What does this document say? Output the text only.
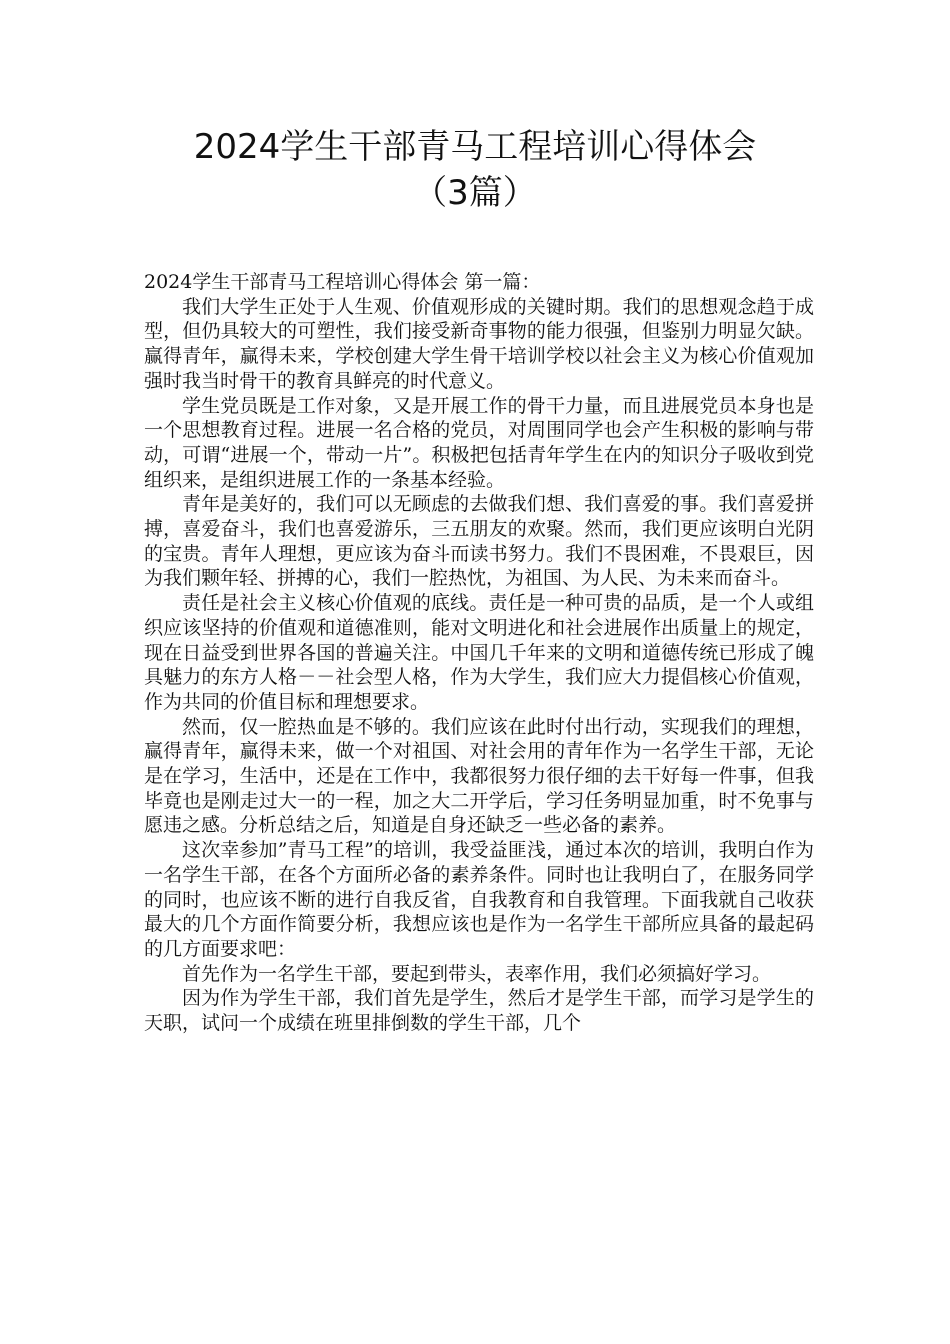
2024学生干部青马工程培训心得体会
（3篇）

2024学生干部青马工程培训心得体会 第一篇：

我们大学生正处于人生观、价值观形成的关键时期。我们的思想观念趋于成型，但仍具较大的可塑性，我们接受新奇事物的能力很强，但鉴别力明显欠缺。赢得青年，赢得未来，学校创建大学生骨干培训学校以社会主义为核心价值观加强时我当时骨干的教育具鲜亮的时代意义。

学生党员既是工作对象，又是开展工作的骨干力量，而且进展党员本身也是一个思想教育过程。进展一名合格的党员，对周围同学也会产生积极的影响与带动，可谓“进展一个，带动一片”。积极把包括青年学生在内的知识分子吸收到党组织来，是组织进展工作的一条基本经验。

青年是美好的，我们可以无顾虑的去做我们想、我们喜爱的事。我们喜爱拼搏，喜爱奋斗，我们也喜爱游乐，三五朋友的欢聚。然而，我们更应该明白光阴的宝贵。青年人理想，更应该为奋斗而读书努力。我们不畏困难，不畏艰巨，因为我们颗年轻、拼搏的心，我们一腔热忱，为祖国、为人民、为未来而奋斗。

责任是社会主义核心价值观的底线。责任是一种可贵的品质，是一个人或组织应该坚持的价值观和道德准则，能对文明进化和社会进展作出质量上的规定，现在日益受到世界各国的普遍关注。中国几千年来的文明和道德传统已形成了魄具魅力的东方人格－－社会型人格，作为大学生，我们应大力提倡核心价值观，作为共同的价值目标和理想要求。

然而，仅一腔热血是不够的。我们应该在此时付出行动，实现我们的理想，赢得青年，赢得未来，做一个对祖国、对社会用的青年作为一名学生干部，无论是在学习，生活中，还是在工作中，我都很努力很仔细的去干好每一件事，但我毕竟也是刚走过大一的一程，加之大二开学后，学习任务明显加重，时不免事与愿违之感。分析总结之后，知道是自身还缺乏一些必备的素养。

这次幸参加”青马工程”的培训，我受益匪浅，通过本次的培训，我明白作为一名学生干部，在各个方面所必备的素养条件。同时也让我明白了，在服务同学的同时，也应该不断的进行自我反省，自我教育和自我管理。下面我就自己收获最大的几个方面作简要分析，我想应该也是作为一名学生干部所应具备的最起码的几方面要求吧：

首先作为一名学生干部，要起到带头，表率作用，我们必须搞好学习。

因为作为学生干部，我们首先是学生，然后才是学生干部，而学习是学生的天职，试问一个成绩在班里排倒数的学生干部，几个
